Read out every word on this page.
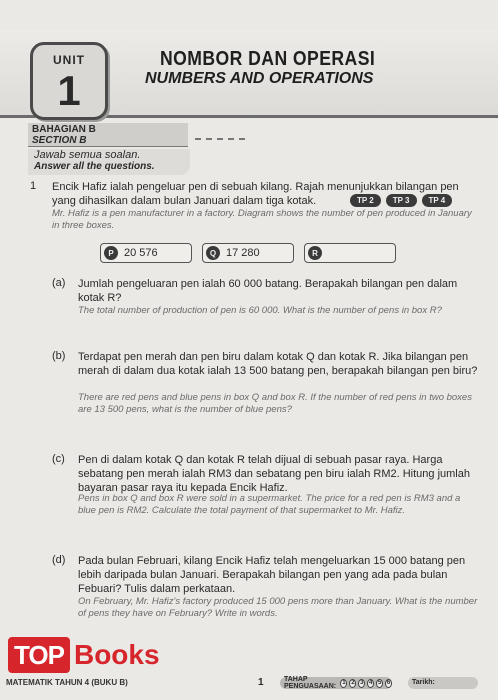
UNIT
1
NOMBOR DAN OPERASI
NUMBERS AND OPERATIONS
BAHAGIAN B
SECTION B
Jawab semua soalan.
Answer all the questions.
1 Encik Hafiz ialah pengeluar pen di sebuah kilang. Rajah menunjukkan bilangan pen yang dihasilkan dalam bulan Januari dalam tiga kotak.	TP 2	TP 3	TP 4
Mr. Hafiz is a pen manufacturer in a factory. Diagram shows the number of pen produced in January in three boxes.
P 20 576	Q 17 280	R
(a) Jumlah pengeluaran pen ialah 60 000 batang. Berapakah bilangan pen dalam kotak R?
The total number of production of pen is 60 000. What is the number of pens in box R?
(b) Terdapat pen merah dan pen biru dalam kotak Q dan kotak R. Jika bilangan pen merah di dalam dua kotak ialah 13 500 batang pen, berapakah bilangan pen biru?
There are red pens and blue pens in box Q and box R. If the number of red pens in two boxes are 13 500 pens, what is the number of blue pens?
(c) Pen di dalam kotak Q dan kotak R telah dijual di sebuah pasar raya. Harga sebatang pen merah ialah RM3 dan sebatang pen biru ialah RM2. Hitung jumlah bayaran pasar raya itu kepada Encik Hafiz.
Pens in box Q and box R were sold in a supermarket. The price for a red pen is RM3 and a blue pen is RM2. Calculate the total payment of that supermarket to Mr. Hafiz.
(d) Pada bulan Februari, kilang Encik Hafiz telah mengeluarkan 15 000 batang pen lebih daripada bulan Januari. Berapakah bilangan pen yang ada pada bulan Febuari? Tulis dalam perkataan.
On February, Mr. Hafiz's factory produced 15 000 pens more than January. What is the number of pens they have on February? Write in words.
TOP Books
MATEMATIK TAHUN 4 (BUKU B)	1	TAHAP PENGUASAAN:	1 2 3 4 5 6	Tarikh:
